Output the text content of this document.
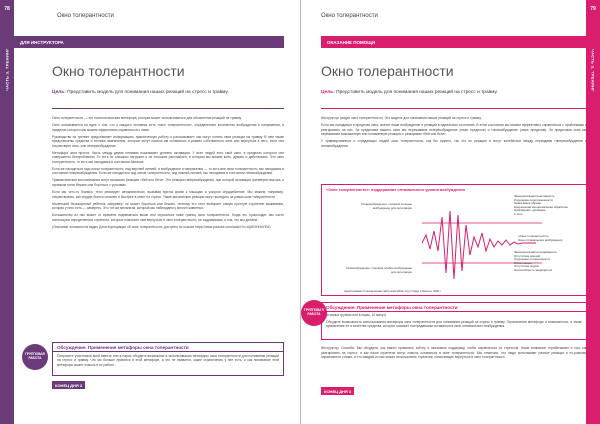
78
ЧАСТЬ 3. ТРЕНИНГ
Окно толерантности
ДЛЯ ИНСТРУКТОРА
Окно толерантности
Цель: Представить модель для понимания наших реакций на стресс и травму.

Окно толерантности — это психологическая метафора, которая может использоваться для объяснения реакций на травму.

Окно основывается на идее о том, что у каждого человека есть «окно толерантности», определенное количество возбуждения и напряжения, в пределах которого мы можем эффективно справляться с ними.

Руководство по тренинг представляет информацию, практическую работу и рассказывает, как могут понять свои реакции на травму. В нем также представлены средства и техники заземления, которые могут помочь им оставаться в рамках собственного окна или вернуться в него, если они почувствуют гипо- или гипервозбуждение.

Метафора окна проста. Часть между двумя линиями показывает уровень активации. У всех людей есть своё окно, в пределах которого они совершенно беспроблемно. То есть не слишком нагружен и не слишком расслаблен, в котором мы можем жить, думать и действовать. Это окно толерантности, то есть мы находимся в состоянии баланса.

Если же находиться над окном толерантности, над верхней линией, в возбуждении и напряжении — то есть вне окна толерантности, мы находимся в состоянии гипервозбуждения. Если же находиться под окном толерантности, под нижней линией, мы находимся в состоянии гиповозбуждения.

Травматические воспоминания могут вызывать реакцию «бей или беги». Это реакции гипервозбуждения, при которой активация чрезмерно высока, и организм готов бежать или бороться с угрозами.

Если мы чего-то боимся, тело реагирует автоматически, вызывая приток крови к мышцам и ускоряя сердцебиение. Мы можем, например, почувствовать, как сердце бьется сильнее и быстрее в ответ на стресс. Такие физические реакции могут выходить за рамки окна толерантности.

Маленький беззащитный ребенок, например, не может бороться или бежать, поэтому его тело выбирает самую простую стратегию выживания, которая у него есть — замереть. Это тот же механизм, который мы наблюдаем у многих животных.

Большинство из нас может от времени подниматься выше или спускаться ниже границ окна толерантности. Когда это происходит, мы часто используем определенные стратегии, которые помогают нам вернуться в окно толерантности, не задумываясь о том, что мы делаем.

(Описание основано на видео Дэна Корпорации об окне толерантности, доступно по ссылке https://www.youtube.com/watch?v=UjAE0HHdYEA)

ГРУППОВАЯ РАБОТА
Обсуждение. Применение метафоры окна толерантности
Попросите участников всей вместе или в парах обсудить возможность использования метафоры окна толерантности для понимания реакций на стресс и травму. Что им больше нравится в этой метафоре, а что не нравится, какие ограничения у нее есть, и как понимание этой метафоры может помочь в их работе.
КОНЕЦ ДНЯ 3
79
ЧАСТЬ 3. ТРЕНИНГ
Окно толерантности
ОКАЗАНИЕ ПОМОЩИ
Окно толерантности
Цель: Представить модель для понимания наших реакций на стресс и травму.

Инструктор: (видит окно толерантности). Это модель для понимания наших реакций на стресс и травму.

Если мы находимся в пределах окна, значит наше возбуждение и реакции в идеальном состоянии. В этом состоянии мы можем эффективно справляться с проблемами и реагировать на них. За пределами нашего окна мы переживаем гипервозбуждение (ниже пределов) и гиповозбуждение (ниже пределов). За пределами окна мы переживаем повышенную или пониженную реакцию с реакциями «бей или беги».

У травмированных и страдающих людей окно толерантности, как бы сужено, так что их реакции в могут колебаться между периодами гипервозбуждения и гиповозбуждения.

«Окно толерантности»: поддержание оптимального уровня возбуждения
Гипервозбуждение: слишком сильное возбуждение для интеграции
Гиповозбуждение: слишком слабое возбуждение для интеграции
Эмоциональная реактивность
Ощущение перегруженности
Навязчивые образы
Нарушенная эмоциональная обработка
Напряжение, дрожание
в теле
«Окно толерантности»
Зона оптимального возбуждения
Эмоциональная неподвижность
Отсутствие эмоций
Ощущение отключённости
Объективное
Отсутствие звуков
Неспособность защищаться
Адаптировано по материалам сайта www.sidran.org и Огден и Минтон, 2000 г.
ГРУППОВАЯ РАБОТА
Обсуждение. Применение метафоры окна толерантности
(в малых группах или в парах, 10 минут)
Обсудите возможность использования метафоры окна толерантности для понимания реакций на стресс и травму. Ограничения метафоры и возможности, а также применение ее в качестве средства, которое поможет пострадавшим оставаться в окне оптимального возбуждения.

Инструктор: Спасибо. Мы обсудили, как важно проявлять заботу и оказывать поддержку, чтобы справляться со стрессом. Наше внимание отрабатывает в том, как реагировать на стресс, и как наши стратегии могут помочь оставаться в окне толерантности. Мы отметили, что люди испытывают разные реакции и по-разному справляются с ними, и что каждый из нас может использовать стратегии, помогающие вернуться в окно толерантности.

КОНЕЦ ДНЯ 3
